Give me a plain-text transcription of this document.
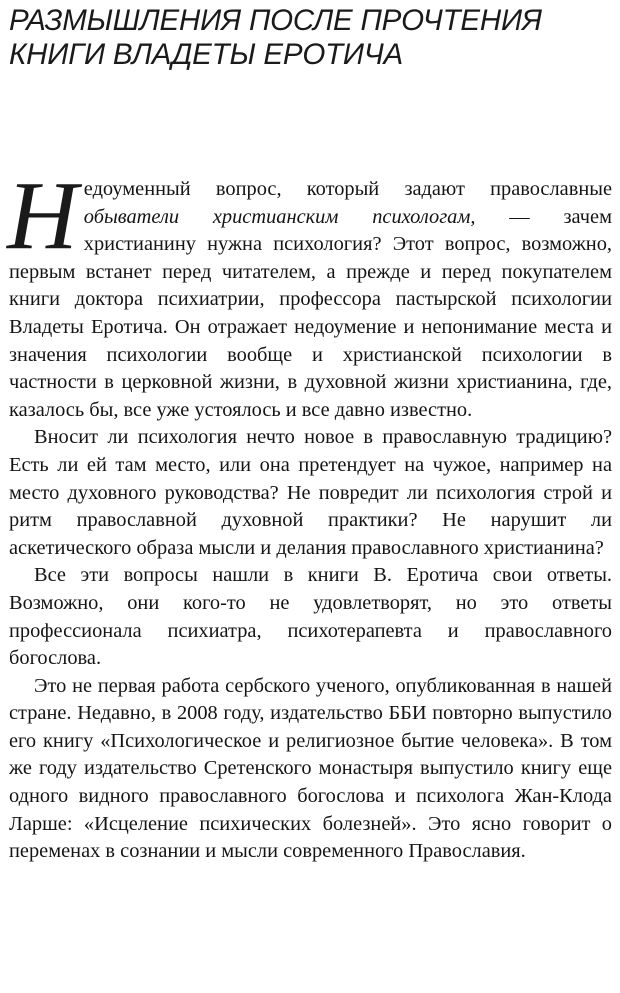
РАЗМЫШЛЕНИЯ ПОСЛЕ ПРОЧТЕНИЯ
КНИГИ ВЛАДЕТЫ ЕРОТИЧА

Недоуменный вопрос, который задают православные обыватели христианским психологам, — зачем христианину нужна психология? Этот вопрос, возможно, первым встанет перед читателем, а прежде и перед покупателем книги доктора психиатрии, профессора пастырской психологии Владеты Еротича. Он отражает недоумение и непонимание места и значения психологии вообще и христианской психологии в частности в церковной жизни, в духовной жизни христианина, где, казалось бы, все уже устоялось и все давно известно.

Вносит ли психология нечто новое в православную традицию? Есть ли ей там место, или она претендует на чужое, например на место духовного руководства? Не повредит ли психология строй и ритм православной духовной практики? Не нарушит ли аскетического образа мысли и делания православного христианина?

Все эти вопросы нашли в книги В. Еротича свои ответы. Возможно, они кого-то не удовлетворят, но это ответы профессионала психиатра, психотерапевта и православного богослова.

Это не первая работа сербского ученого, опубликованная в нашей стране. Недавно, в 2008 году, издательство ББИ повторно выпустило его книгу «Психологическое и религиозное бытие человека». В том же году издательство Сретенского монастыря выпустило книгу еще одного видного православного богослова и психолога Жан-Клода Ларше: «Исцеление психических болезней». Это ясно говорит о переменах в сознании и мысли современного Православия.
